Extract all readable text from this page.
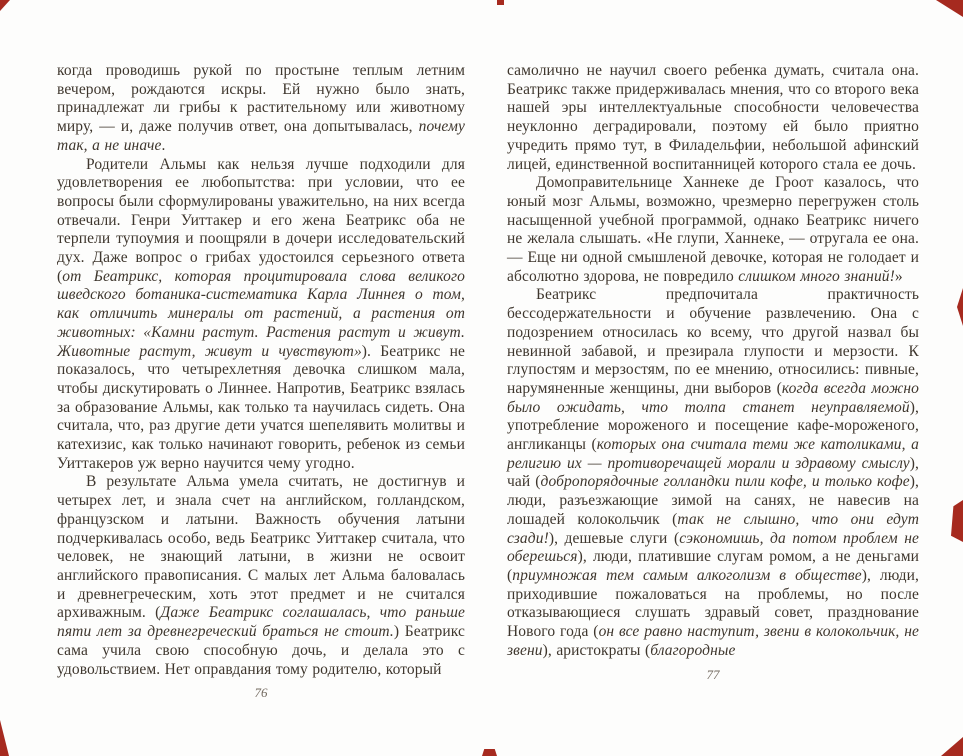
когда проводишь рукой по простыне теплым летним вечером, рождаются искры. Ей нужно было знать, принадлежат ли грибы к растительному или животному миру, — и, даже получив ответ, она допытывалась, почему так, а не иначе.

Родители Альмы как нельзя лучше подходили для удовлетворения ее любопытства: при условии, что ее вопросы были сформулированы уважительно, на них всегда отвечали. Генри Уиттакер и его жена Беатрикс оба не терпели тупоумия и поощряли в дочери исследовательский дух. Даже вопрос о грибах удостоился серьезного ответа (от Беатрикс, которая процитировала слова великого шведского ботаника-систематика Карла Линнея о том, как отличить минералы от растений, а растения от животных: «Камни растут. Растения растут и живут. Животные растут, живут и чувствуют»). Беатрикс не показалось, что четырехлетняя девочка слишком мала, чтобы дискутировать о Линнее. Напротив, Беатрикс взялась за образование Альмы, как только та научилась сидеть. Она считала, что, раз другие дети учатся шепелявить молитвы и катехизис, как только начинают говорить, ребенок из семьи Уиттакеров уж верно научится чему угодно.

В результате Альма умела считать, не достигнув и четырех лет, и знала счет на английском, голландском, французском и латыни. Важность обучения латыни подчеркивалась особо, ведь Беатрикс Уиттакер считала, что человек, не знающий латыни, в жизни не освоит английского правописания. С малых лет Альма баловалась и древнегреческим, хоть этот предмет и не считался архиважным. (Даже Беатрикс соглашалась, что раньше пяти лет за древнегреческий браться не стоит.) Беатрикс сама учила свою способную дочь, и делала это с удовольствием. Нет оправдания тому родителю, который

76

самолично не научил своего ребенка думать, считала она. Беатрикс также придерживалась мнения, что со второго века нашей эры интеллектуальные способности человечества неуклонно деградировали, поэтому ей было приятно учредить прямо тут, в Филадельфии, небольшой афинский лицей, единственной воспитанницей которого стала ее дочь.

Домоправительнице Ханнеке де Гроот казалось, что юный мозг Альмы, возможно, чрезмерно перегружен столь насыщенной учебной программой, однако Беатрикс ничего не желала слышать. «Не глупи, Ханнеке, — отругала ее она. — Еще ни одной смышленой девочке, которая не голодает и абсолютно здорова, не повредило слишком много знаний!»

Беатрикс предпочитала практичность бессодержательности и обучение развлечению. Она с подозрением относилась ко всему, что другой назвал бы невинной забавой, и презирала глупости и мерзости. К глупостям и мерзостям, по ее мнению, относились: пивные, нарумяненные женщины, дни выборов (когда всегда можно было ожидать, что толпа станет неуправляемой), употребление мороженого и посещение кафе-мороженого, англиканцы (которых она считала теми же католиками, а религию их — противоречащей морали и здравому смыслу), чай (добропорядочные голландки пили кофе, и только кофе), люди, разъезжающие зимой на санях, не навесив на лошадей колокольчик (так не слышно, что они едут сзади!), дешевые слуги (сэкономишь, да потом проблем не оберешься), люди, платившие слугам ромом, а не деньгами (приумножая тем самым алкоголизм в обществе), люди, приходившие пожаловаться на проблемы, но после отказывающиеся слушать здравый совет, празднование Нового года (он все равно наступит, звени в колокольчик, не звени), аристократы (благородные

77
